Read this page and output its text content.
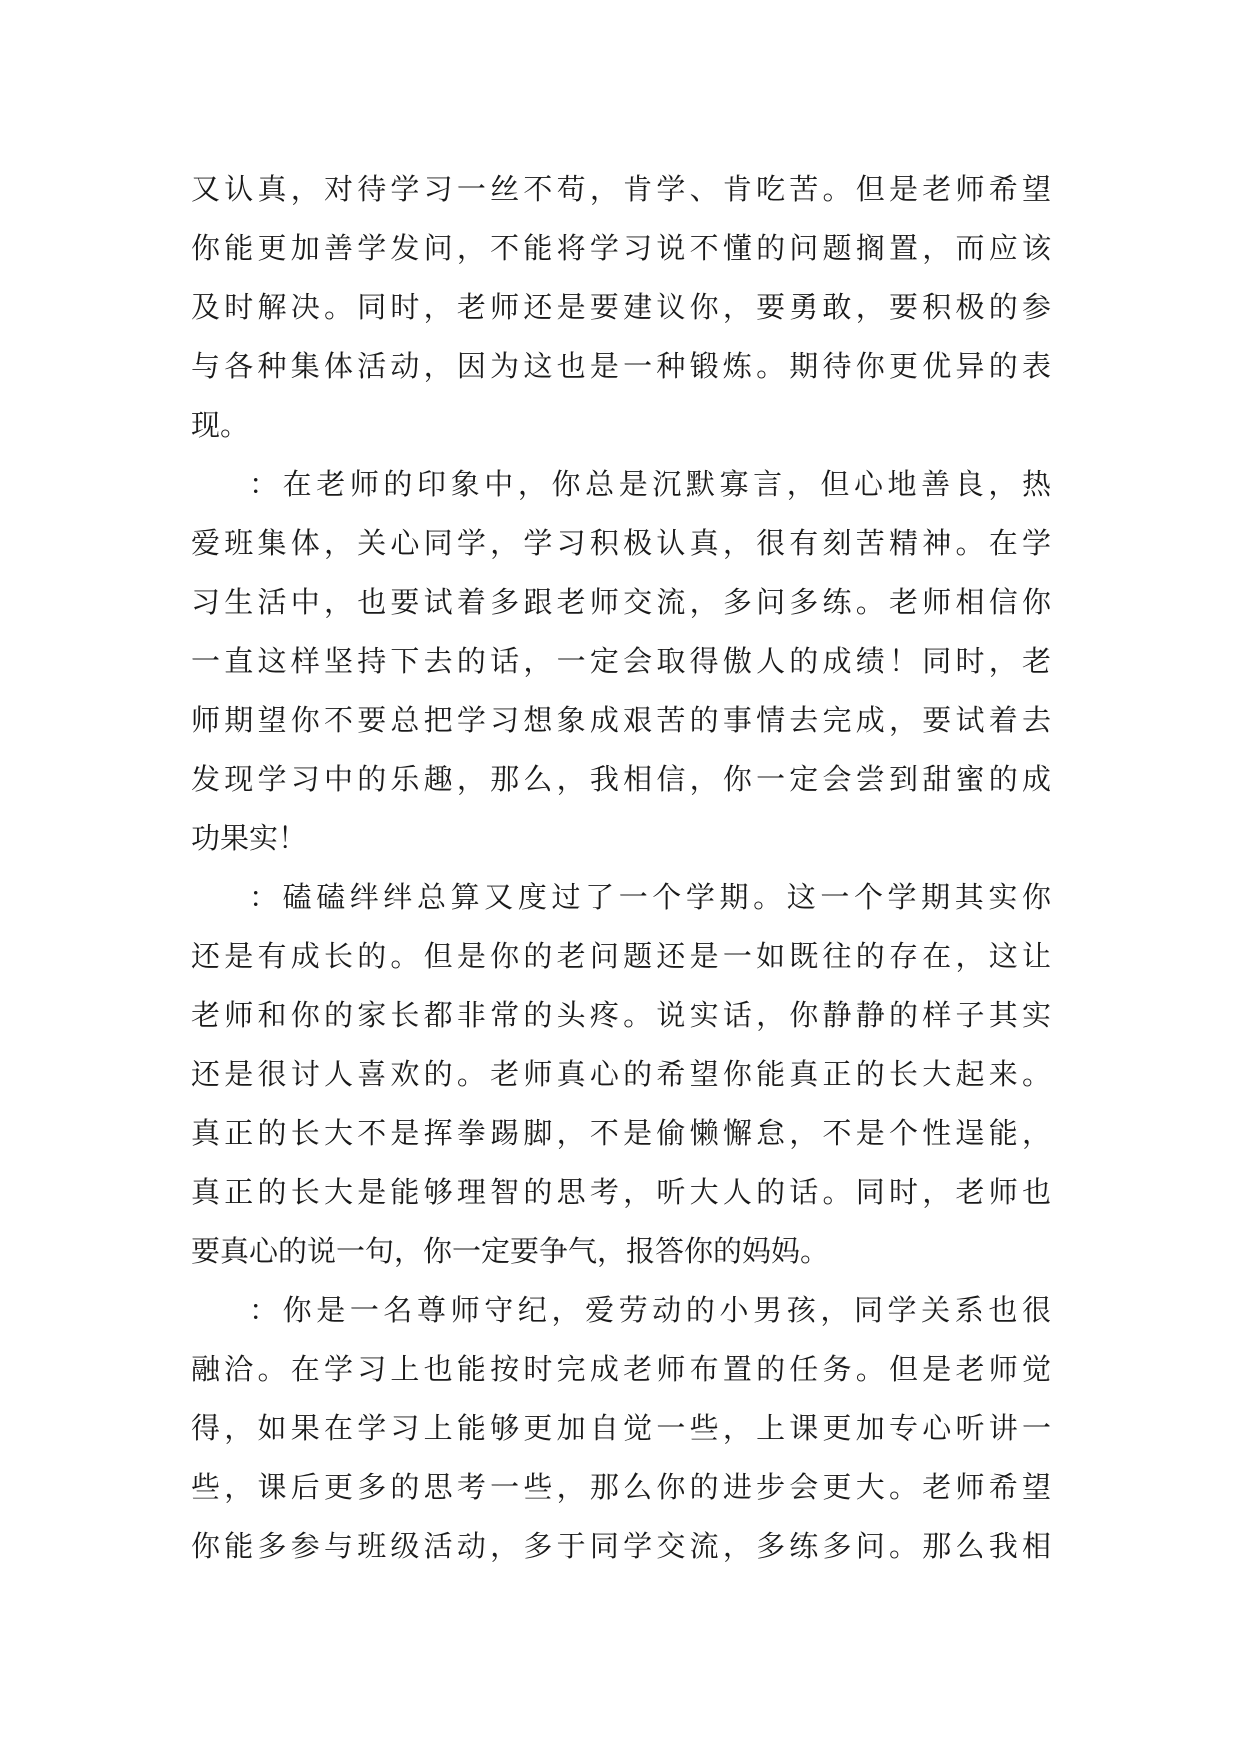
又认真，对待学习一丝不苟，肯学、肯吃苦。但是老师希望
你能更加善学发问，不能将学习说不懂的问题搁置，而应该
及时解决。同时，老师还是要建议你，要勇敢，要积极的参
与各种集体活动，因为这也是一种锻炼。期待你更优异的表
现。
：在老师的印象中，你总是沉默寡言，但心地善良，热
爱班集体，关心同学，学习积极认真，很有刻苦精神。在学
习生活中，也要试着多跟老师交流，多问多练。老师相信你
一直这样坚持下去的话，一定会取得傲人的成绩！同时，老
师期望你不要总把学习想象成艰苦的事情去完成，要试着去
发现学习中的乐趣，那么，我相信，你一定会尝到甜蜜的成
功果实！
：磕磕绊绊总算又度过了一个学期。这一个学期其实你
还是有成长的。但是你的老问题还是一如既往的存在，这让
老师和你的家长都非常的头疼。说实话，你静静的样子其实
还是很讨人喜欢的。老师真心的希望你能真正的长大起来。
真正的长大不是挥拳踢脚，不是偷懒懈怠，不是个性逞能，
真正的长大是能够理智的思考，听大人的话。同时，老师也
要真心的说一句，你一定要争气，报答你的妈妈。
：你是一名尊师守纪，爱劳动的小男孩，同学关系也很
融洽。在学习上也能按时完成老师布置的任务。但是老师觉
得，如果在学习上能够更加自觉一些，上课更加专心听讲一
些，课后更多的思考一些，那么你的进步会更大。老师希望
你能多参与班级活动，多于同学交流，多练多问。那么我相
